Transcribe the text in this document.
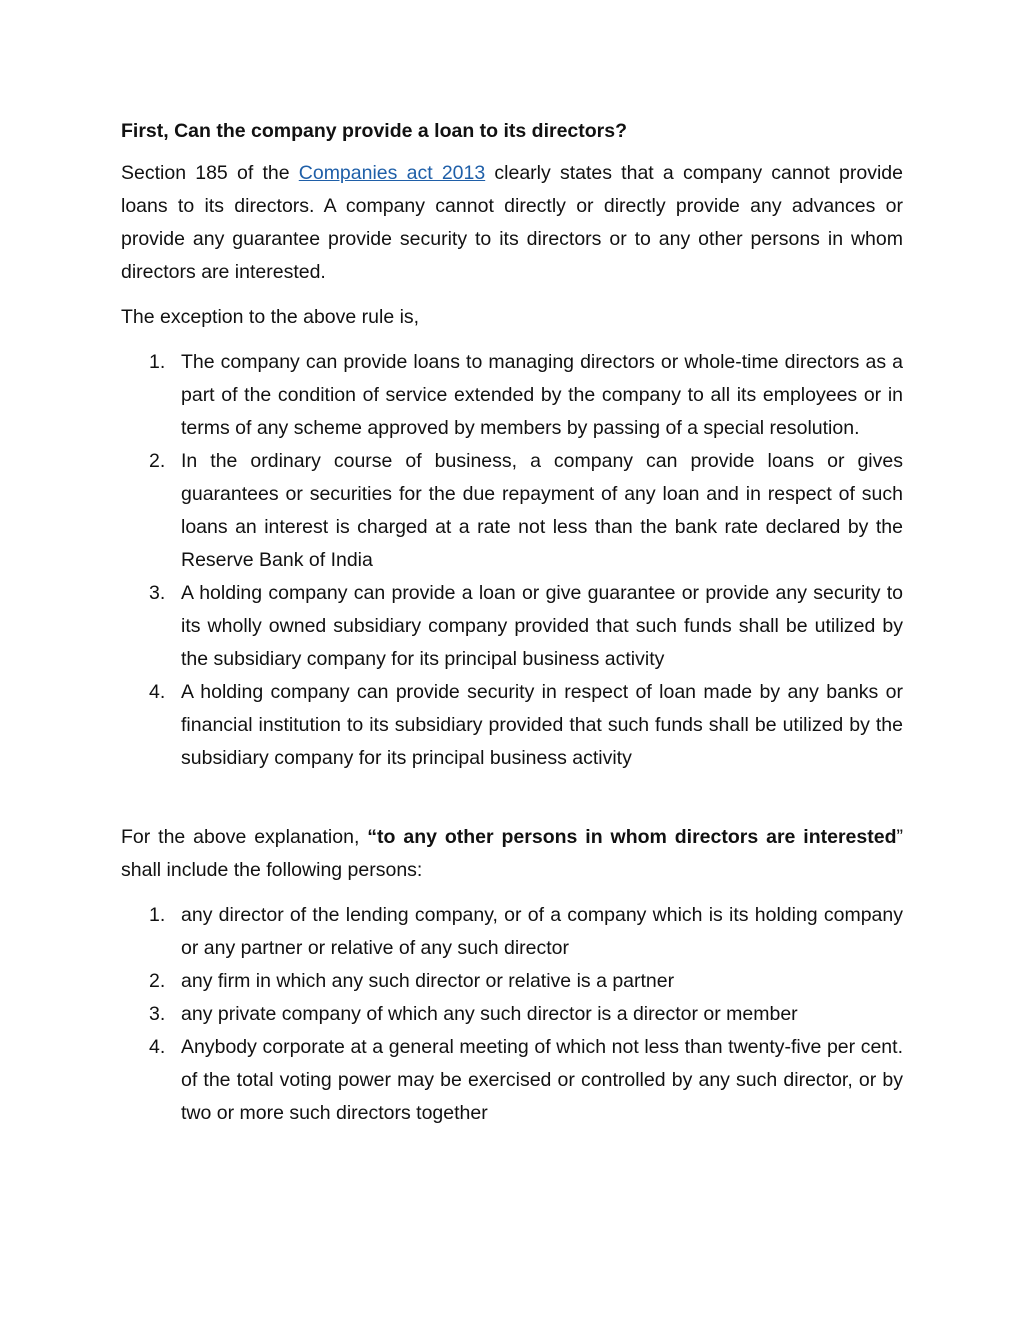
First, Can the company provide a loan to its directors?

Section 185 of the Companies act 2013 clearly states that a company cannot provide loans to its directors. A company cannot directly or directly provide any advances or provide any guarantee provide security to its directors or to any other persons in whom directors are interested.

The exception to the above rule is,

1. The company can provide loans to managing directors or whole-time directors as a part of the condition of service extended by the company to all its employees or in terms of any scheme approved by members by passing of a special resolution.
2. In the ordinary course of business, a company can provide loans or gives guarantees or securities for the due repayment of any loan and in respect of such loans an interest is charged at a rate not less than the bank rate declared by the Reserve Bank of India
3. A holding company can provide a loan or give guarantee or provide any security to its wholly owned subsidiary company provided that such funds shall be utilized by the subsidiary company for its principal business activity
4. A holding company can provide security in respect of loan made by any banks or financial institution to its subsidiary provided that such funds shall be utilized by the subsidiary company for its principal business activity

For the above explanation, “to any other persons in whom directors are interested” shall include the following persons:

1. any director of the lending company, or of a company which is its holding company or any partner or relative of any such director
2. any firm in which any such director or relative is a partner
3. any private company of which any such director is a director or member
4. Anybody corporate at a general meeting of which not less than twenty-five per cent. of the total voting power may be exercised or controlled by any such director, or by two or more such directors together
